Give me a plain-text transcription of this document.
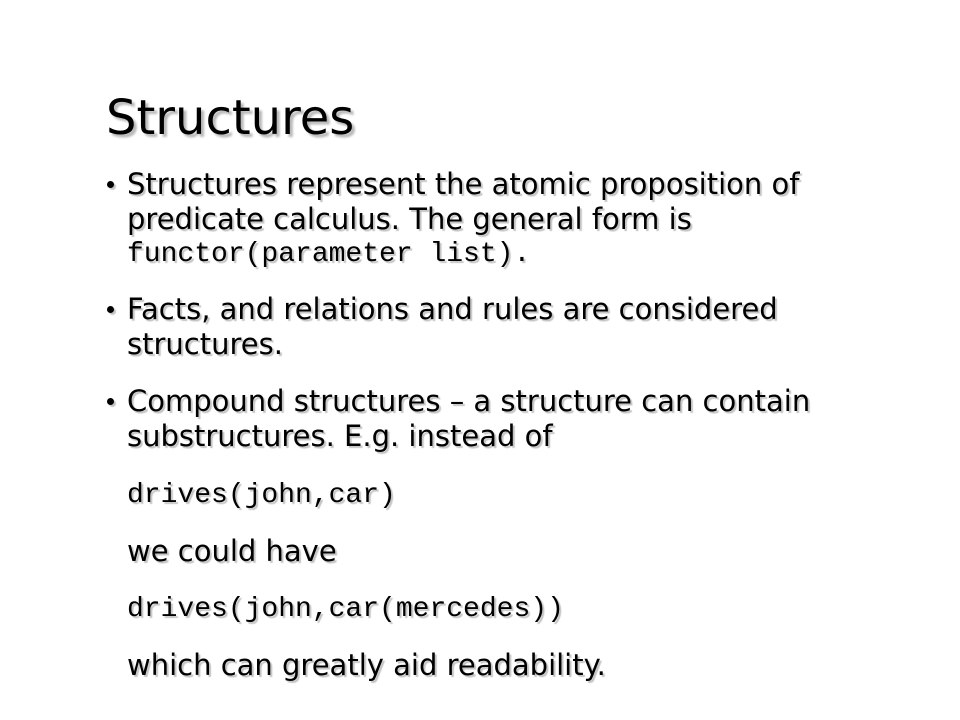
Structures
Structures represent the atomic proposition of
predicate calculus. The general form is
functor(parameter list).
Facts, and relations and rules are considered
structures.
Compound structures – a structure can contain
substructures. E.g. instead of
drives(john,car)
we could have
drives(john,car(mercedes))
which can greatly aid readability.
